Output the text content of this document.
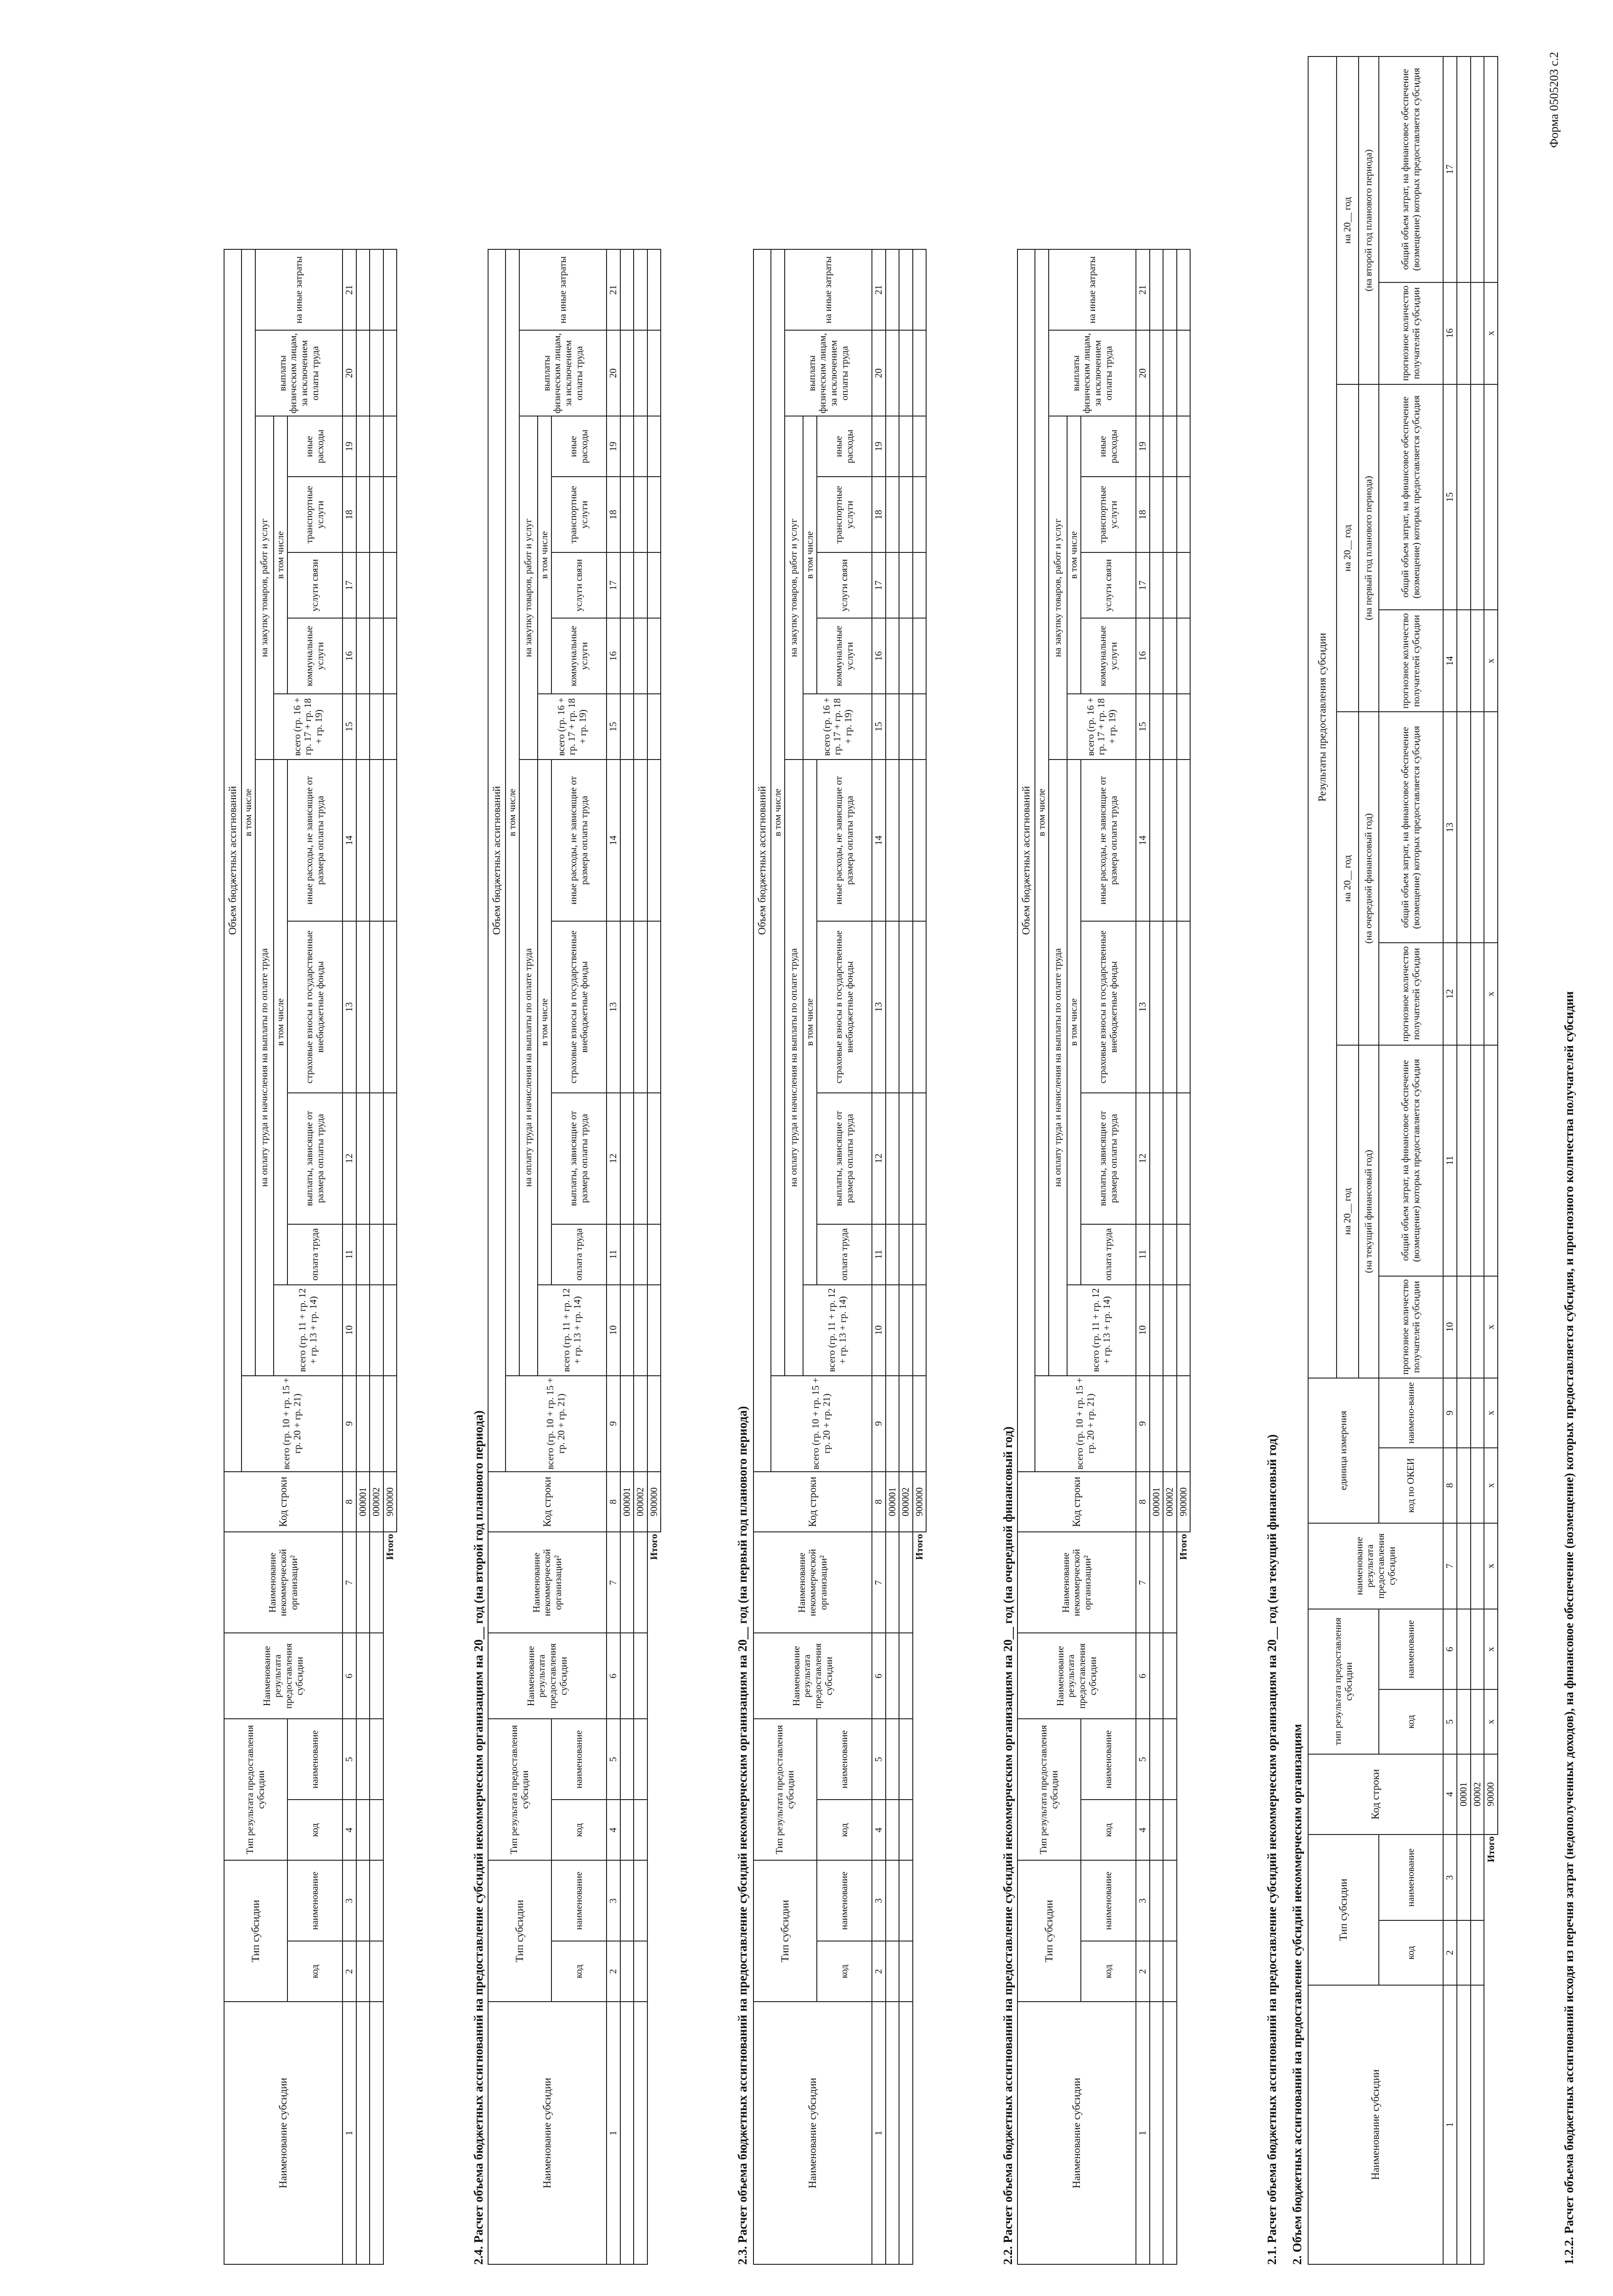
Форма 0505203 с.2
1.2.2. Расчет объема бюджетных ассигнований исходя из перечня затрат (недополученных доходов), на финансовое обеспечение (возмещение) которых предоставляется субсидия, и прогнозного количества получателей субсидии
Наименование субсидии	Тип субсидии		Код строки	тип результата предоставления субсидии		наименование результата предоставления субсидии	единица измерения		Результаты предоставления субсидии							
									на 20__ год		на 20__ год		на 20__ год		на 20__ год	
									(на текущий финансовый год)		(на очередной финансовый год)		(на первый год планового периода)		(на второй год планового периода)	
	код	наименование		код	наименование		код по ОКЕИ	наимено-вание	прогнозное количество получателей субсидии	общий объем затрат, на финансовое обеспечение (возмещение) которых предоставляется субсидия	прогнозное количество получателей субсидии	общий объем затрат, на финансовое обеспечение (возмещение) которых предоставляется субсидия	прогнозное количество получателей субсидии	общий объем затрат, на финансовое обеспечение (возмещение) которых предоставляется субсидия	прогнозное количество получателей субсидии	общий объем затрат, на финансовое обеспечение (возмещение) которых предоставляется субсидия
1	2	3	4	5	6	7	8	9	10	11	12	13	14	15	16	17
			00001													
			00002													
Итого			90000	x	x	x	x	x	x		x		x		x	
2. Объем бюджетных ассигнований на предоставление субсидий некоммерческим организациям
2.1. Расчет объема бюджетных ассигнований на предоставление субсидий некоммерческим организациям на 20__ год (на текущий финансовый год)
Наименование субсидии	Тип субсидии		Тип результата предоставления субсидии		Наименование результата предоставления субсидии	Наименование некоммерческой организации²	Код строки	Объем бюджетных ассигнований												
								всего (гр. 10 + гр. 15 + гр. 20 + гр. 21)	в том числе											
									на оплату труда и начисления на выплаты по оплате труда					на закупку товаров, работ и услуг					выплаты физическим лицам, за исключением оплаты труда	на иные затраты
									всего (гр. 11 + гр. 12 + гр. 13 + гр. 14)	в том числе				всего (гр. 16 + гр. 17 + гр. 18 + гр. 19)	в том числе					
	код	наименование	код	наименование						оплата труда	выплаты, зависящие от размера оплаты труда	страховые взносы в государственные внебюджетные фонды	иные расходы, не зависящие от размера оплаты труда		коммунальные услуги	услуги связи	транспортные услуги	иные расходы		
1	2	3	4	5	6	7	8	9	10	11	12	13	14	15	16	17	18	19	20	21
							000001													
							000002													
Итого							900000													
2.2. Расчет объема бюджетных ассигнований на предоставление субсидий некоммерческим организациям на 20__ год (на очередной финансовый год)
Наименование субсидии	Тип субсидии		Тип результата предоставления субсидии		Наименование результата предоставления субсидии	Наименование некоммерческой организации²	Код строки	Объем бюджетных ассигнований												
								всего (гр. 10 + гр. 15 + гр. 20 + гр. 21)	в том числе											
									на оплату труда и начисления на выплаты по оплате труда					на закупку товаров, работ и услуг					выплаты физическим лицам, за исключением оплаты труда	на иные затраты
									всего (гр. 11 + гр. 12 + гр. 13 + гр. 14)	в том числе				всего (гр. 16 + гр. 17 + гр. 18 + гр. 19)	в том числе					
	код	наименование	код	наименование						оплата труда	выплаты, зависящие от размера оплаты труда	страховые взносы в государственные внебюджетные фонды	иные расходы, не зависящие от размера оплаты труда		коммунальные услуги	услуги связи	транспортные услуги	иные расходы		
1	2	3	4	5	6	7	8	9	10	11	12	13	14	15	16	17	18	19	20	21
							000001													
							000002													
Итого							900000													
2.3. Расчет объема бюджетных ассигнований на предоставление субсидий некоммерческим организациям на 20__ год (на первый год планового периода)
Наименование субсидии	Тип субсидии		Тип результата предоставления субсидии		Наименование результата предоставления субсидии	Наименование некоммерческой организации²	Код строки	Объем бюджетных ассигнований												
								всего (гр. 10 + гр. 15 + гр. 20 + гр. 21)	в том числе											
									на оплату труда и начисления на выплаты по оплате труда					на закупку товаров, работ и услуг					выплаты физическим лицам, за исключением оплаты труда	на иные затраты
									всего (гр. 11 + гр. 12 + гр. 13 + гр. 14)	в том числе				всего (гр. 16 + гр. 17 + гр. 18 + гр. 19)	в том числе					
	код	наименование	код	наименование						оплата труда	выплаты, зависящие от размера оплаты труда	страховые взносы в государственные внебюджетные фонды	иные расходы, не зависящие от размера оплаты труда		коммунальные услуги	услуги связи	транспортные услуги	иные расходы		
1	2	3	4	5	6	7	8	9	10	11	12	13	14	15	16	17	18	19	20	21
							000001													
							000002													
Итого							900000													
2.4. Расчет объема бюджетных ассигнований на предоставление субсидий некоммерческим организациям на 20__ год (на второй год планового периода)
Наименование субсидии	Тип субсидии		Тип результата предоставления субсидии		Наименование результата предоставления субсидии	Наименование некоммерческой организации²	Код строки	Объем бюджетных ассигнований												
								всего (гр. 10 + гр. 15 + гр. 20 + гр. 21)	в том числе											
									на оплату труда и начисления на выплаты по оплате труда					на закупку товаров, работ и услуг					выплаты физическим лицам, за исключением оплаты труда	на иные затраты
									всего (гр. 11 + гр. 12 + гр. 13 + гр. 14)	в том числе				всего (гр. 16 + гр. 17 + гр. 18 + гр. 19)	в том числе					
	код	наименование	код	наименование						оплата труда	выплаты, зависящие от размера оплаты труда	страховые взносы в государственные внебюджетные фонды	иные расходы, не зависящие от размера оплаты труда		коммунальные услуги	услуги связи	транспортные услуги	иные расходы		
1	2	3	4	5	6	7	8	9	10	11	12	13	14	15	16	17	18	19	20	21
							000001													
							000002													
Итого							900000													
